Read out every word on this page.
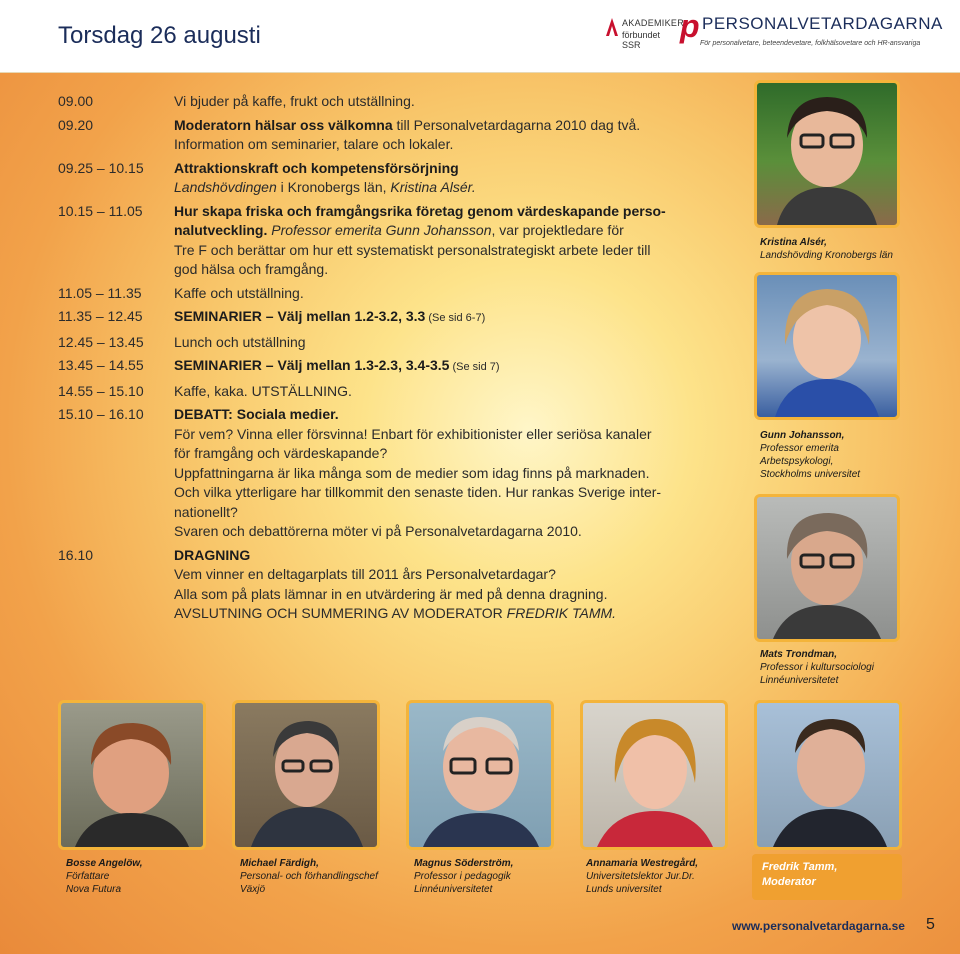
Torsdag 26 augusti	AKADEMIKER
förbundet SSR
p PERSONALVETARDAGARNA
För personalvetare, beteendevetare, folkhälsovetare och HR-ansvariga
09.00	Vi bjuder på kaffe, frukt och utställning.
09.20	Moderatorn hälsar oss välkomna till Personalvetardagarna 2010 dag två.
Information om seminarier, talare och lokaler.
09.25 – 10.15	Attraktionskraft och kompetensförsörjning
Landshövdingen i Kronobergs län, Kristina Alsér.
10.15 – 11.05	Hur skapa friska och framgångsrika företag genom värdeskapande perso-
nalutveckling. Professor emerita Gunn Johansson, var projektledare för
Tre F och berättar om hur ett systematiskt personalstrategiskt arbete leder till
god hälsa och framgång.
11.05 – 11.35	Kaffe och utställning.
11.35 – 12.45	SEMINARIER – Välj mellan 1.2-3.2, 3.3 (Se sid 6-7)
12.45 – 13.45	Lunch och utställning
13.45 – 14.55	SEMINARIER – Välj mellan 1.3-2.3, 3.4-3.5 (Se sid 7)
14.55 – 15.10	Kaffe, kaka. UTSTÄLLNING.
15.10 – 16.10	DEBATT: Sociala medier.
För vem? Vinna eller försvinna! Enbart för exhibitionister eller seriösa kanaler
för framgång och värdeskapande?
Uppfattningarna är lika många som de medier som idag finns på marknaden.
Och vilka ytterligare har tillkommit den senaste tiden. Hur rankas Sverige inter-
nationellt?
Svaren och debattörerna möter vi på Personalvetardagarna 2010.
16.10	DRAGNING
Vem vinner en deltagarplats till 2011 års Personalvetardagar?
Alla som på plats lämnar in en utvärdering är med på denna dragning.
AVSLUTNING OCH SUMMERING AV MODERATOR FREDRIK TAMM.
Kristina Alsér,
Landshövding Kronobergs län
Gunn Johansson,
Professor emerita
Arbetspsykologi,
Stockholms universitet
Mats Trondman,
Professor i kultursociologi
Linnéuniversitetet
Bosse Angelöw,
Författare
Nova Futura
Michael Färdigh,
Personal- och förhandlingschef
Växjö
Magnus Söderström,
Professor i pedagogik
Linnéuniversitetet
Annamaria Westregård,
Universitetslektor Jur.Dr.
Lunds universitet
Fredrik Tamm,
Moderator
www.personalvetardagarna.se 5
